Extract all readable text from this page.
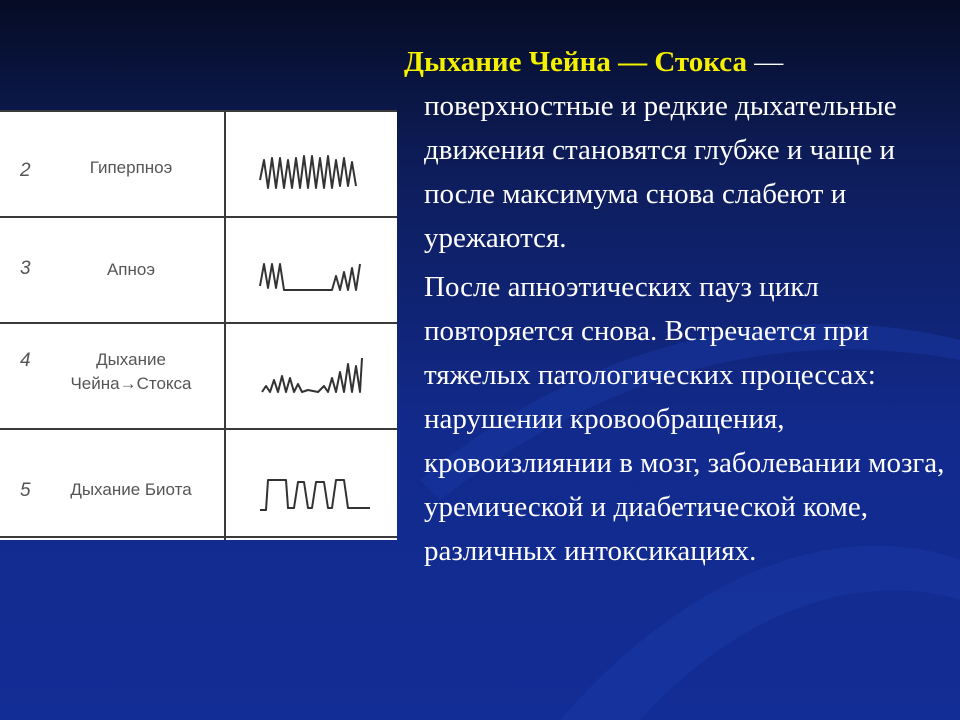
2	Гиперпноэ
3	Апноэ
4	Дыхание
Чейна→Стокса
5	Дыхание Биота
Дыхание Чейна — Стокса —
поверхностные и редкие дыхательные движения становятся глубже и чаще и после максимума снова слабеют и урежаются.
После апноэтических пауз цикл повторяется снова. Встречается при тяжелых патологических процессах: нарушении кровообращения, кровоизлиянии в мозг, заболевании мозга, уремической и диабетической коме, различных интоксикациях.
